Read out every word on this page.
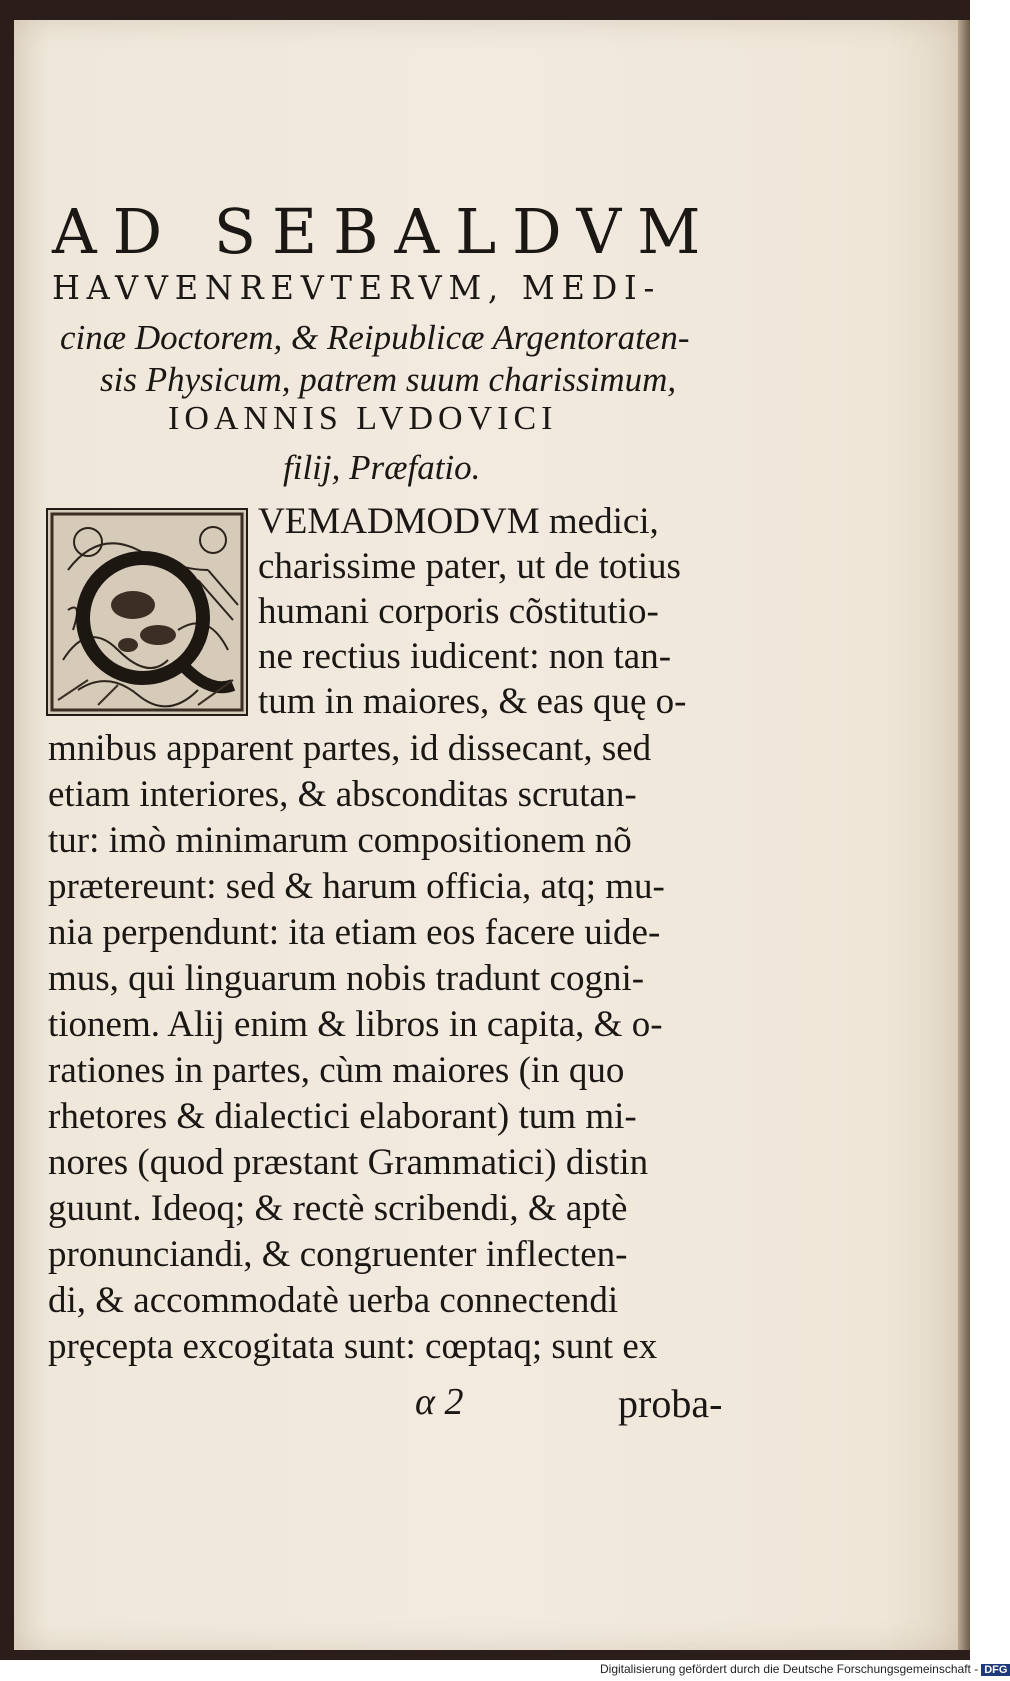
AD SEBALDVM
HAVVENREVTERVM, MEDI-
cinæ Doctorem, & Reipublicæ Argentoraten-
sis Physicum, patrem suum charissimum,
IOANNIS LVDOVICI
filij, Præfatio.
VEMADMODVM medici,
charissime pater, ut de totius
humani corporis cõstitutio-
ne rectius iudicent: non tan-
tum in maiores, & eas quę o-
mnibus apparent partes, id dissecant, sed
etiam interiores, & absconditas scrutan-
tur: imò minimarum compositionem nõ
prætereunt: sed & harum officia, atq; mu-
nia perpendunt: ita etiam eos facere uide-
mus, qui linguarum nobis tradunt cogni-
tionem. Alij enim & libros in capita, & o-
rationes in partes, cùm maiores (in quo
rhetores & dialectici elaborant) tum mi-
nores (quod præstant Grammatici) distin
guunt. Ideoq; & rectè scribendi, & aptè
pronunciandi, & congruenter inflecten-
di, & accommodatè uerba connectendi
prȩcepta excogitata sunt: cœptaq; sunt ex
α 2	proba-
Digitalisierung gefördert durch die Deutsche Forschungsgemeinschaft - DFG
